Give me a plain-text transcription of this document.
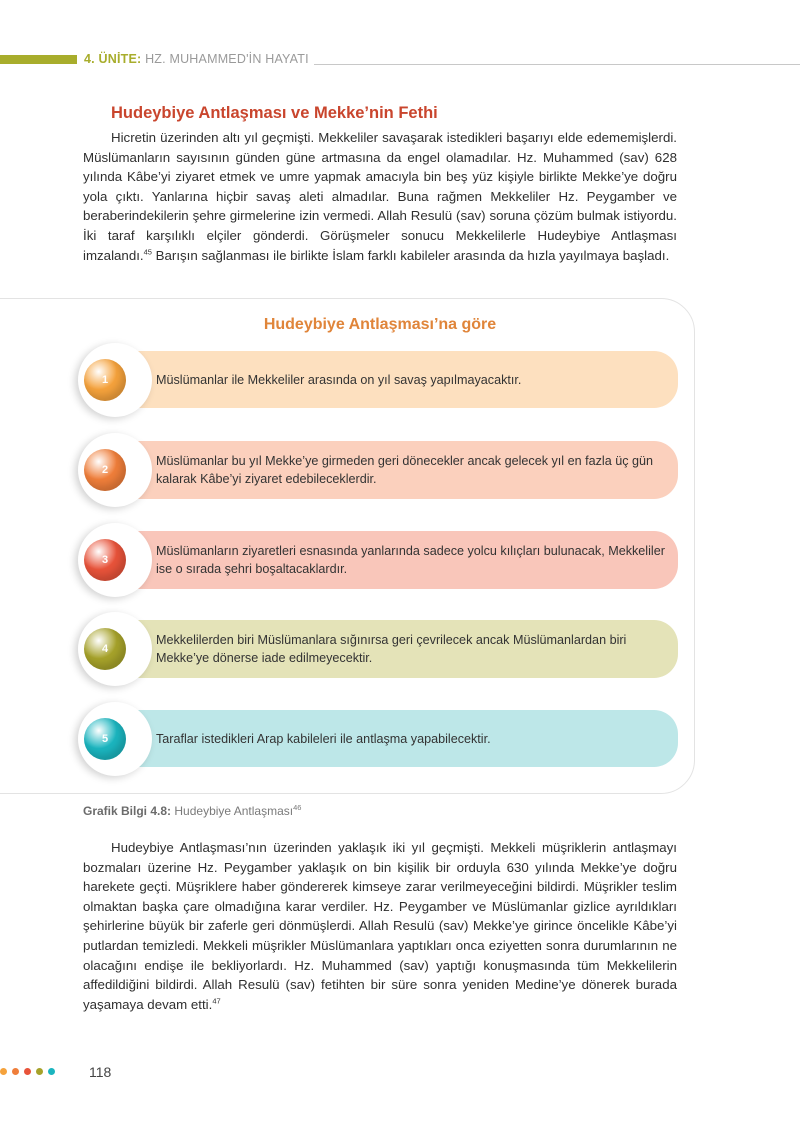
4. ÜNİTE: HZ. MUHAMMED'İN HAYATI
Hudeybiye Antlaşması ve Mekke’nin Fethi

Hicretin üzerinden altı yıl geçmişti. Mekkeliler savaşarak istedikleri başarıyı elde edememişlerdi. Müslümanların sayısının günden güne artmasına da engel olamadılar. Hz. Muhammed (sav) 628 yılında Kâbe’yi ziyaret etmek ve umre yapmak amacıyla bin beş yüz kişiyle birlikte Mekke’ye doğru yola çıktı. Yanlarına hiçbir savaş aleti almadılar. Buna rağmen Mekkeliler Hz. Peygamber ve beraberindekilerin şehre girmelerine izin vermedi. Allah Resulü (sav) soruna çözüm bulmak istiyordu. İki taraf karşılıklı elçiler gönderdi. Görüşmeler sonucu Mekkelilerle Hudeybiye Antlaşması imzalandı.$^{45}$ Barışın sağlanması ile birlikte İslam farklı kabileler arasında da hızla yayılmaya başladı.

Hudeybiye Antlaşması’na göre
Müslümanlar ile Mekkeliler arasında on yıl savaş yapılmayacaktır.
1
Müslümanlar bu yıl Mekke’ye girmeden geri dönecekler ancak gelecek yıl en fazla üç gün kalarak Kâbe’yi ziyaret edebileceklerdir.
2
Müslümanların ziyaretleri esnasında yanlarında sadece yolcu kılıçları bulunacak, Mekkeliler ise o sırada şehri boşaltacaklardır.
3
Mekkelilerden biri Müslümanlara sığınırsa geri çevrilecek ancak Müslümanlardan biri Mekke’ye dönerse iade edilmeyecektir.
4
Taraflar istedikleri Arap kabileleri ile antlaşma yapabilecektir.
5
Grafik Bilgi 4.8: Hudeybiye Antlaşması$^{46}$

Hudeybiye Antlaşması’nın üzerinden yaklaşık iki yıl geçmişti. Mekkeli müşriklerin antlaşmayı bozmaları üzerine Hz. Peygamber yaklaşık on bin kişilik bir orduyla 630 yılında Mekke’ye doğru harekete geçti. Müşriklere haber göndererek kimseye zarar verilmeyeceğini bildirdi. Müşrikler teslim olmaktan başka çare olmadığına karar verdiler. Hz. Peygamber ve Müslümanlar gizlice ayrıldıkları şehirlerine büyük bir zaferle geri dönmüşlerdi. Allah Resulü (sav) Mekke’ye girince öncelikle Kâbe’yi putlardan temizledi. Mekkeli müşrikler Müslümanlara yaptıkları onca eziyetten sonra durumlarının ne olacağını endişe ile bekliyorlardı. Hz. Muhammed (sav) yaptığı konuşmasında tüm Mekkelilerin affedildiğini bildirdi. Allah Resulü (sav) fetihten bir süre sonra yeniden Medine’ye dönerek burada yaşamaya devam etti.$^{47}$

118
